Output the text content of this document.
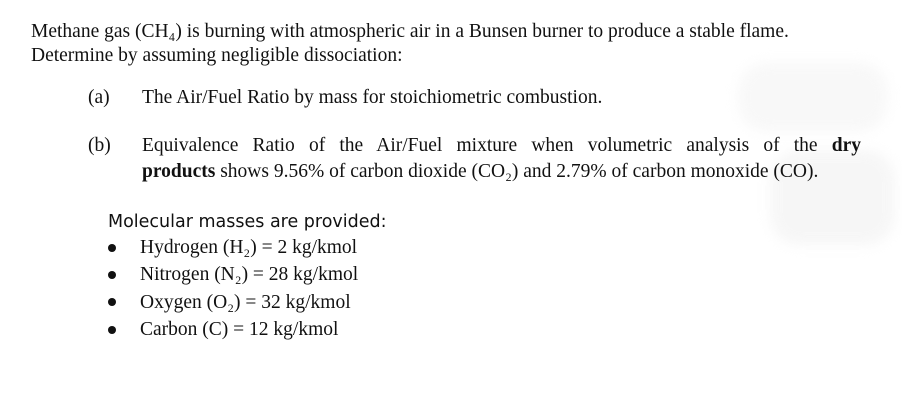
Methane gas (CH₄) is burning with atmospheric air in a Bunsen burner to produce a stable flame.
Determine by assuming negligible dissociation:
(a) The Air/Fuel Ratio by mass for stoichiometric combustion.
(b) Equivalence Ratio of the Air/Fuel mixture when volumetric analysis of the dry
products shows 9.56% of carbon dioxide (CO₂) and 2.79% of carbon monoxide (CO).
Molecular masses are provided:
Hydrogen (H₂) = 2 kg/kmol
Nitrogen (N₂) = 28 kg/kmol
Oxygen (O₂) = 32 kg/kmol
Carbon (C) = 12 kg/kmol
